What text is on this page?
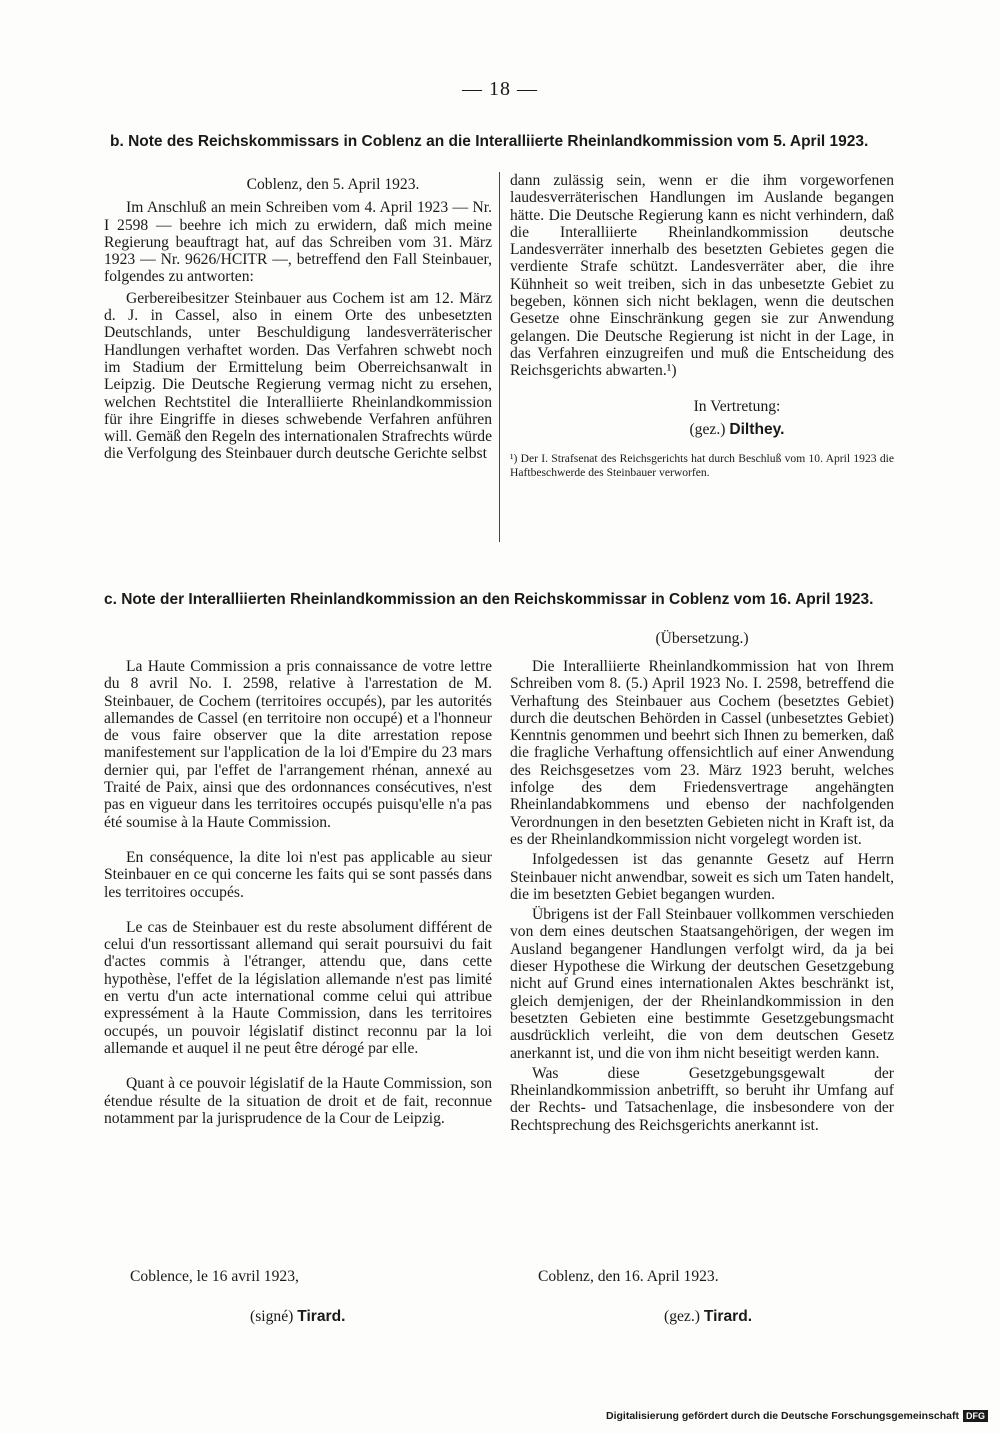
— 18 —
b. Note des Reichskommissars in Coblenz an die Interalliierte Rheinlandkommission vom 5. April 1923.
Coblenz, den 5. April 1923.

Im Anschluß an mein Schreiben vom 4. April 1923 — Nr. I 2598 — beehre ich mich zu erwidern, daß mich meine Regierung beauftragt hat, auf das Schreiben vom 31. März 1923 — Nr. 9626/HCITR —, betreffend den Fall Steinbauer, folgendes zu antworten:

Gerbereibesitzer Steinbauer aus Cochem ist am 12. März d. J. in Cassel, also in einem Orte des unbesetzten Deutschlands, unter Beschuldigung landesverräterischer Handlungen verhaftet worden. Das Verfahren schwebt noch im Stadium der Ermittelung beim Oberreichsanwalt in Leipzig. Die Deutsche Regierung vermag nicht zu ersehen, welchen Rechtstitel die Interalliierte Rheinlandkommission für ihre Eingriffe in dieses schwebende Verfahren anführen will. Gemäß den Regeln des internationalen Strafrechts würde die Verfolgung des Steinbauer durch deutsche Gerichte selbst

dann zulässig sein, wenn er die ihm vorgeworfenen laudesverräterischen Handlungen im Auslande begangen hätte. Die Deutsche Regierung kann es nicht verhindern, daß die Interalliierte Rheinlandkommission deutsche Landesverräter innerhalb des besetzten Gebietes gegen die verdiente Strafe schützt. Landesverräter aber, die ihre Kühnheit so weit treiben, sich in das unbesetzte Gebiet zu begeben, können sich nicht beklagen, wenn die deutschen Gesetze ohne Einschränkung gegen sie zur Anwendung gelangen. Die Deutsche Regierung ist nicht in der Lage, in das Verfahren einzugreifen und muß die Entscheidung des Reichsgerichts abwarten.¹)

In Vertretung:
(gez.) Dilthey.
¹) Der I. Strafsenat des Reichsgerichts hat durch Beschluß vom 10. April 1923 die Haftbeschwerde des Steinbauer verworfen.
c. Note der Interalliierten Rheinlandkommission an den Reichskommissar in Coblenz vom 16. April 1923.
(Übersetzung.)

La Haute Commission a pris connaissance de votre lettre du 8 avril No. I. 2598, relative à l'arrestation de M. Steinbauer, de Cochem (territoires occupés), par les autorités allemandes de Cassel (en territoire non occupé) et a l'honneur de vous faire observer que la dite arrestation repose manifestement sur l'application de la loi d'Empire du 23 mars dernier qui, par l'effet de l'arrangement rhénan, annexé au Traité de Paix, ainsi que des ordonnances consécutives, n'est pas en vigueur dans les territoires occupés puisqu'elle n'a pas été soumise à la Haute Commission.

En conséquence, la dite loi n'est pas applicable au sieur Steinbauer en ce qui concerne les faits qui se sont passés dans les territoires occupés.

Le cas de Steinbauer est du reste absolument différent de celui d'un ressortissant allemand qui serait poursuivi du fait d'actes commis à l'étranger, attendu que, dans cette hypothèse, l'effet de la législation allemande n'est pas limité en vertu d'un acte international comme celui qui attribue expressément à la Haute Commission, dans les territoires occupés, un pouvoir législatif distinct reconnu par la loi allemande et auquel il ne peut être dérogé par elle.

Quant à ce pouvoir législatif de la Haute Commission, son étendue résulte de la situation de droit et de fait, reconnue notamment par la jurisprudence de la Cour de Leipzig.

Die Interalliierte Rheinlandkommission hat von Ihrem Schreiben vom 8. (5.) April 1923 No. I. 2598, betreffend die Verhaftung des Steinbauer aus Cochem (besetztes Gebiet) durch die deutschen Behörden in Cassel (unbesetztes Gebiet) Kenntnis genommen und beehrt sich Ihnen zu bemerken, daß die fragliche Verhaftung offensichtlich auf einer Anwendung des Reichsgesetzes vom 23. März 1923 beruht, welches infolge des dem Friedensvertrage angehängten Rheinlandabkommens und ebenso der nachfolgenden Verordnungen in den besetzten Gebieten nicht in Kraft ist, da es der Rheinlandkommission nicht vorgelegt worden ist.

Infolgedessen ist das genannte Gesetz auf Herrn Steinbauer nicht anwendbar, soweit es sich um Taten handelt, die im besetzten Gebiet begangen wurden.

Übrigens ist der Fall Steinbauer vollkommen verschieden von dem eines deutschen Staatsangehörigen, der wegen im Ausland begangener Handlungen verfolgt wird, da ja bei dieser Hypothese die Wirkung der deutschen Gesetzgebung nicht auf Grund eines internationalen Aktes beschränkt ist, gleich demjenigen, der der Rheinlandkommission in den besetzten Gebieten eine bestimmte Gesetzgebungsmacht ausdrücklich verleiht, die von dem deutschen Gesetz anerkannt ist, und die von ihm nicht beseitigt werden kann.

Was diese Gesetzgebungsgewalt der Rheinlandkommission anbetrifft, so beruht ihr Umfang auf der Rechts- und Tatsachenlage, die insbesondere von der Rechtsprechung des Reichsgerichts anerkannt ist.

Coblence, le 16 avril 1923,	Coblenz, den 16. April 1923.
(signé) Tirard.	(gez.) Tirard.
Digitalisierung gefördert durch die Deutsche Forschungsgemeinschaft DFG
